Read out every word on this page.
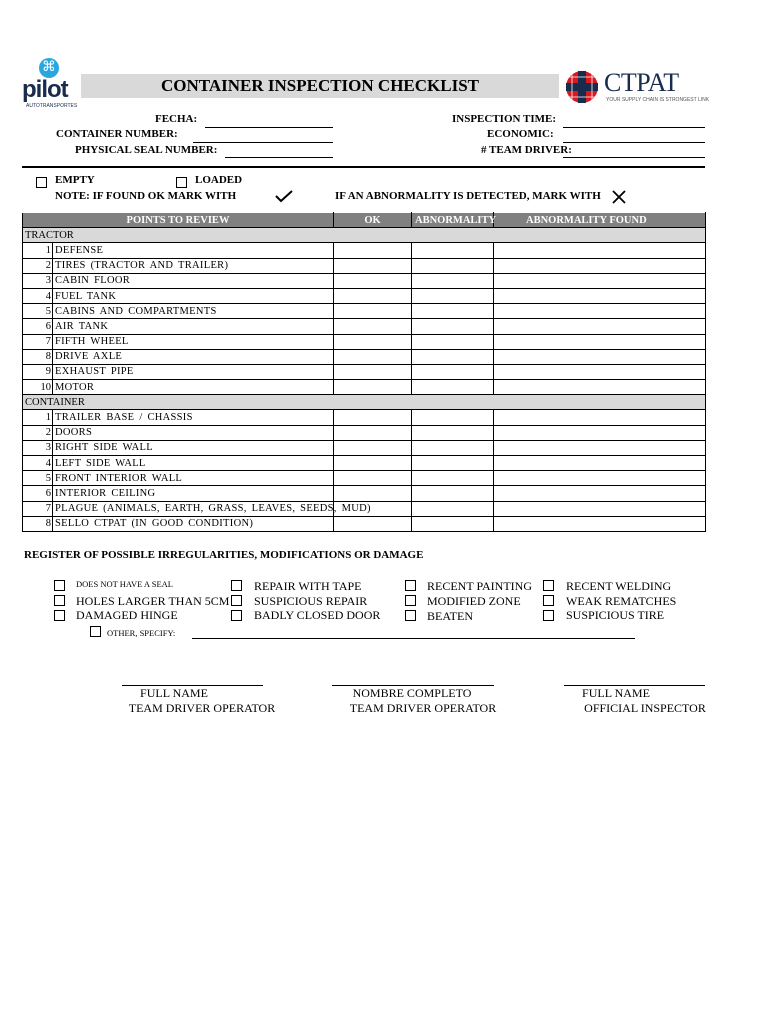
⌘
pilot
AUTOTRANSPORTES
CONTAINER INSPECTION CHECKLIST	CTPAT
YOUR SUPPLY CHAIN IS STRONGEST LINK
FECHA:
CONTAINER NUMBER:
PHYSICAL SEAL NUMBER:
INSPECTION TIME:
ECONOMIC:
# TEAM DRIVER:
EMPTY	LOADED
NOTE: IF FOUND OK MARK WITH	IF AN ABNORMALITY IS DETECTED, MARK WITH
POINTS TO REVIEW		OK	ABNORMALITY	ABNORMALITY FOUND
TRACTOR				
1	DEFENSE			
2	TIRES (TRACTOR AND TRAILER)			
3	CABIN FLOOR			
4	FUEL TANK			
5	CABINS AND COMPARTMENTS			
6	AIR TANK			
7	FIFTH WHEEL			
8	DRIVE AXLE			
9	EXHAUST PIPE			
10	MOTOR			
CONTAINER				
1	TRAILER BASE / CHASSIS			
2	DOORS			
3	RIGHT SIDE WALL			
4	LEFT SIDE WALL			
5	FRONT INTERIOR WALL			
6	INTERIOR CEILING			
7	PLAGUE (ANIMALS, EARTH, GRASS, LEAVES, SEEDS, MUD)			
8	SELLO CTPAT (IN GOOD CONDITION)			
REGISTER OF POSSIBLE IRREGULARITIES, MODIFICATIONS OR DAMAGE
DOES NOT HAVE A SEAL
HOLES LARGER THAN 5CM
DAMAGED HINGE
REPAIR WITH TAPE
SUSPICIOUS REPAIR
BADLY CLOSED DOOR
RECENT PAINTING
MODIFIED ZONE
BEATEN
RECENT WELDING
WEAK REMATCHES
SUSPICIOUS TIRE
OTHER, SPECIFY:
FULL NAME
TEAM DRIVER OPERATOR
NOMBRE COMPLETO
TEAM DRIVER OPERATOR
FULL NAME
OFFICIAL INSPECTOR
